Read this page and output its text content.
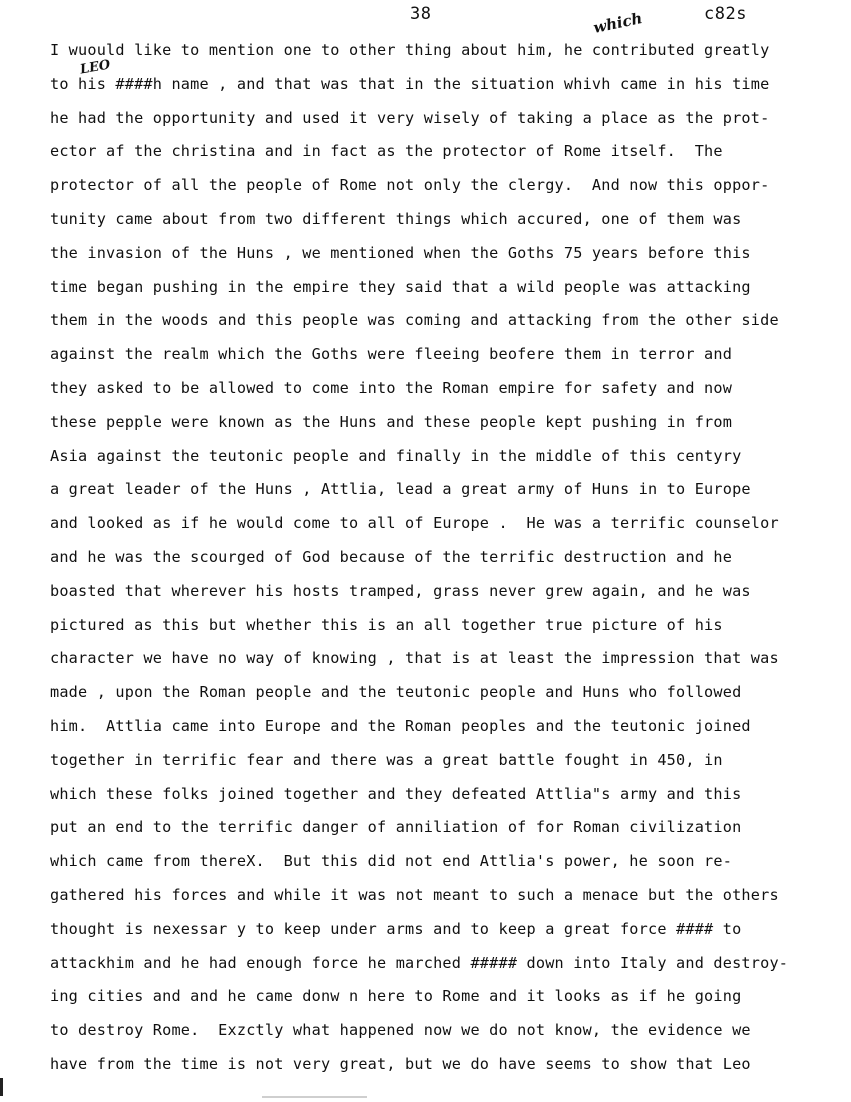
38	c82s
which
LEO
I wuould like to mention one to other thing about him, he contributed greatly
to his ####h name , and that was that in the situation whivh came in his time
he had the opportunity and used it very wisely of taking a place as the prot-
ector af the christina and in fact as the protector of Rome itself.  The
protector of all the people of Rome not only the clergy.  And now this oppor-
tunity came about from two different things which accured, one of them was
the invasion of the Huns , we mentioned when the Goths 75 years before this
time began pushing in the empire they said that a wild people was attacking
them in the woods and this people was coming and attacking from the other side
against the realm which the Goths were fleeing beofere them in terror and
they asked to be allowed to come into the Roman empire for safety and now
these pepple were known as the Huns and these people kept pushing in from
Asia against the teutonic people and finally in the middle of this centyry
a great leader of the Huns , Attlia, lead a great army of Huns in to Europe
and looked as if he would come to all of Europe .  He was a terrific counselor
and he was the scourged of God because of the terrific destruction and he
boasted that wherever his hosts tramped, grass never grew again, and he was
pictured as this but whether this is an all together true picture of his
character we have no way of knowing , that is at least the impression that was
made , upon the Roman people and the teutonic people and Huns who followed
him.  Attlia came into Europe and the Roman peoples and the teutonic joined
together in terrific fear and there was a great battle fought in 450, in
which these folks joined together and they defeated Attlia"s army and this
put an end to the terrific danger of anniliation of for Roman civilization
which came from thereX.  But this did not end Attlia's power, he soon re-
gathered his forces and while it was not meant to such a menace but the others
thought is nexessar y to keep under arms and to keep a great force #### to
attackhim and he had enough force he marched ##### down into Italy and destroy-
ing cities and and he came donw n here to Rome and it looks as if he going
to destroy Rome.  Exzctly what happened now we do not know, the evidence we
have from the time is not very great, but we do have seems to show that Leo
